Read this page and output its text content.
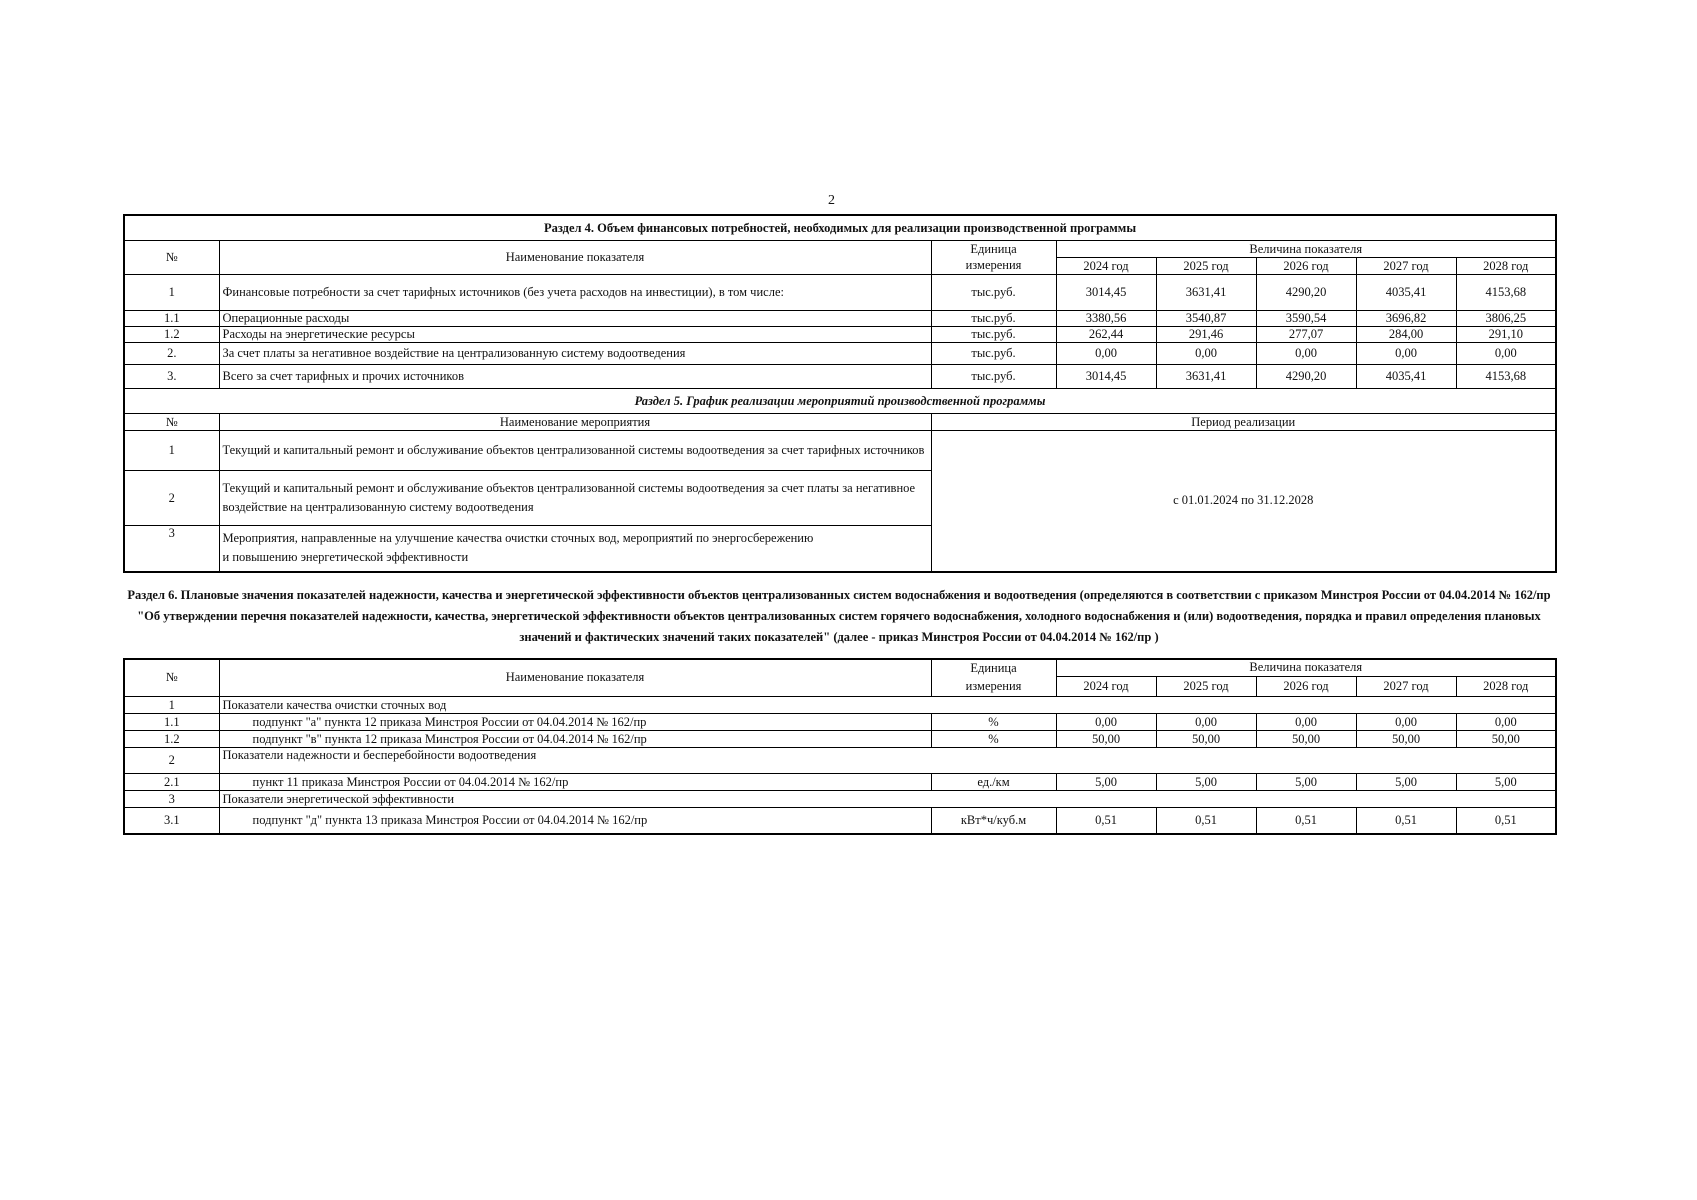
2
Раздел 4. Объем финансовых потребностей, необходимых для реализации производственной программы							
№	Наименование показателя	Единица	Величина показателя				
		измерения	2024 год	2025 год	2026 год	2027 год	2028 год
1	Финансовые потребности за счет тарифных источников (без учета расходов на инвестиции), в том числе:	тыс.руб.	3014,45	3631,41	4290,20	4035,41	4153,68
1.1	Операционные расходы	тыс.руб.	3380,56	3540,87	3590,54	3696,82	3806,25
1.2	Расходы на энергетические ресурсы	тыс.руб.	262,44	291,46	277,07	284,00	291,10
2.	За счет платы за негативное воздействие на централизованную систему водоотведения	тыс.руб.	0,00	0,00	0,00	0,00	0,00
3.	Всего за счет тарифных и прочих источников	тыс.руб.	3014,45	3631,41	4290,20	4035,41	4153,68
Раздел 5. График реализации мероприятий производственной программы							
№	Наименование мероприятия	Период реализации					
1	Текущий и капитальный ремонт и обслуживание объектов централизованной системы водоотведения за счет тарифных источников	с 01.01.2024 по 31.12.2028					
2	Текущий и капитальный ремонт и обслуживание объектов централизованной системы водоотведения за счет платы за негативное воздействие на централизованную систему водоотведения						
3	Мероприятия, направленные на улучшение качества очистки сточных вод, мероприятий по энергосбережению и повышению энергетической эффективности						
Раздел 6. Плановые значения показателей надежности, качества и энергетической эффективности объектов централизованных систем водоснабжения и водоотведения (определяются в соответствии с приказом Минстроя России от 04.04.2014 № 162/пр "Об утверждении перечня показателей надежности, качества, энергетической эффективности объектов централизованных систем горячего водоснабжения, холодного водоснабжения и (или) водоотведения, порядка и правил определения плановых значений и фактических значений таких показателей" (далее - приказ Минстроя России от 04.04.2014 № 162/пр )
№	Наименование показателя	Единица	Величина показателя				
		измерения	2024 год	2025 год	2026 год	2027 год	2028 год
1	Показатели качества очистки сточных вод						
1.1	подпункт "а" пункта 12 приказа Минстроя России от 04.04.2014 № 162/пр	%	0,00	0,00	0,00	0,00	0,00
1.2	подпункт "в" пункта 12 приказа Минстроя России от 04.04.2014 № 162/пр	%	50,00	50,00	50,00	50,00	50,00
2	Показатели надежности и бесперебойности водоотведения						
2.1	пункт 11 приказа Минстроя России от 04.04.2014 № 162/пр	ед./км	5,00	5,00	5,00	5,00	5,00
3	Показатели энергетической эффективности						
3.1	подпункт "д" пункта 13 приказа Минстроя России от 04.04.2014 № 162/пр	кВт*ч/куб.м	0,51	0,51	0,51	0,51	0,51
